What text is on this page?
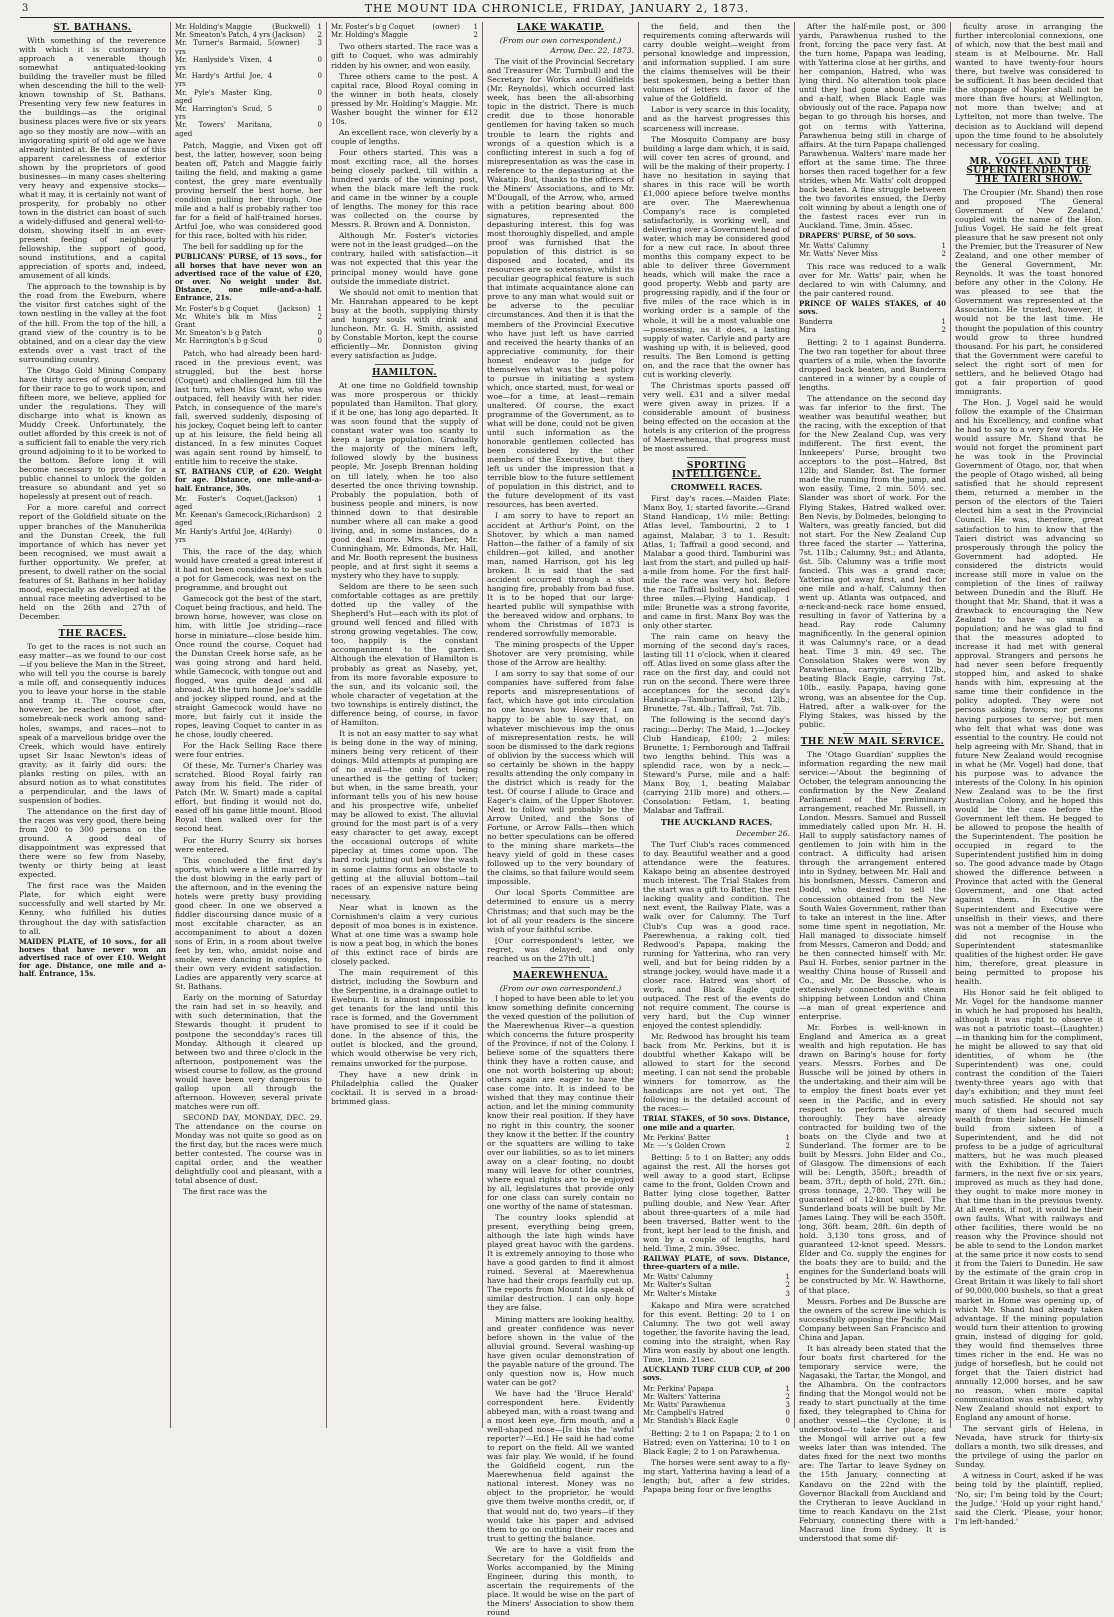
3	THE MOUNT IDA CHRONICLE, FRIDAY, JANUARY 2, 1873.
ST. BATHANS.

With something of the reverence with which it is customary to approach a venerable though somewhat antiquated-looking building the traveller must be filled when descending the hill to the well-known township of St. Bathans. Presenting very few new features in the buildings—as the original business places were five or six years ago so they mostly are now—with an invigorating spirit of old age we have already hinted at. Be the cause of this apparent carelessness of exterior shown by the proprietors of good businesses—in many cases sheltering very heavy and expensive stocks—what it may, it is certainly not want of prosperity, for probably no other town in the district can boast of such a widely-diffused and general well-to-doism, showing itself in an ever-present feeling of neighbourly fellowship, the support of good, sound institutions, and a capital appreciation of sports and, indeed, amusement of all kinds.

The approach to the township is by the road from the Eweburn, where the visitor first catches sight of the town nestling in the valley at the foot of the hill. From the top of the hill, a grand view of the country is to be obtained, and on a clear day the view extends over a vast tract of the surrounding country.

The Otago Gold Mining Company have thirty acres of ground secured for their race to go to work upon, and fifteen more, we believe, applied for under the regulations. They will discharge into what is known as Muddy Creek. Unfortunately, the outlet afforded by this creek is not of a sufficient fall to enable the very rich ground adjoining to it to be worked to the bottom. Before long it will become necessary to provide for a public channel to unlock the golden treasure so abundant and yet so hopelessly at present out of reach.

For a more careful and correct report of the Goldfield situate on the upper branches of the Manuherikia and the Dunstan Creek, the full importance of which has never yet been recognised, we must await a further opportunity. We prefer, at present, to dwell rather on the social features of St. Bathans in her holiday mood, especially as developed at the annual race meeting advertised to be held on the 26th and 27th of December.

THE RACES.

To get to the races is not such an easy matter—as we found to our cost—if you believe the Man in the Street, who will tell you the course is barely a mile off, and consequently induces you to leave your horse in the stable and tramp it. The course can, however, be reached on foot, after somebreak-neck work among sand-holes, swamps, and races—not to speak of a marvellous bridge over the Creek, which would have entirely upset Sir Isaac Newton's ideas of gravity, as it fairly did ours: the planks resting on piles, with an absurd notion as to what constitutes a perpendicular, and the laws of suspension of bodies.

The attendance on the first day of the races was very good, there being from 200 to 300 persons on the ground. A good deal of disappointment was expressed that there were so few from Naseby, twenty or thirty being at least expected.

The first race was the Maiden Plate, for which eight were successfully and well started by Mr. Kenny, who fulfilled his duties throughout the day with satisfaction to all.

MAIDEN PLATE, of 10 sovs., for all horses that have never won an advertised race of over £10. Weight for age. Distance, one mile and a-half. Entrance, 15s.
Mr. Holding's Maggie	(Buckwell)	1
Mr. Smeaton's Patch, 4 yrs	(Jackson)	2
Mr. Turner's Barmaid, 5 yrs	(owner)	3
Mr. Hanlyside's Vixen, 4 yrs		0
Mr. Hardy's Artful Joe, 4 yrs		0
Mr. Pyle's Master King, aged		0
Mr. Harrington's Scud, 5 yrs		0
Mr. Towers' Maritana, aged		0

Patch, Maggie, and Vixen got off best, the latter, however, soon being beaten off, Patch and Maggie fairly tailing the field, and making a game contest, the grey mare eventually proving herself the best horse, her condition pulling her through. One mile and a half is probably rather too far for a field of half-trained horses. Artful Joe, who was considered good for this race, bolted with his rider.

The bell for saddling up for the

PUBLICANS' PURSE, of 15 sovs., for all horses that have never won an advertised race of the value of £20, or over. No weight under 8st. Distance, one mile-and-a-half. Entrance, 21s.
Mr. Foster's b g Coquet	(Jackson)	1
Mr. White's blk m Miss Grant		2
Mr. Smeaton's b g Patch		0
Mr. Harrington's b g Scud		0

Patch, who had already been hard-raced in the previous event, was struggled, but the best horse (Coquet) and challenged him till the last turn, when Miss Grant, who was outpaced, fell heavily with her rider. Patch, in consequence of the mare's fall, swerved suddenly, disposing of his jockey, Coquet being left to canter up at his leisure, the field being all distanced. In a few minutes Coquet was again sent round by himself, to entitle him to receive the stake.

ST. BATHANS CUP, of £20. Weight for age. Distance, one mile-and-a-half. Entrance, 30s.
Mr. Foster's Coquet, aged	(Jackson)	1
Mr. Keenan's Gamecock, aged	(Richardson)	2
Mr. Hardy's Artful Joe, 4 yrs	(Hardy)	0

This, the race of the day, which would have created a great interest if it had not been considered to be such a pot for Gamecock, was next on the programme, and brought out

Gamecock got the best of the start, Coquet being fractious, and held. The brown horse, however, was close on him, with little Joe striding—race horse in miniature—close beside him. Once round the course, Coquet had the Dunstan Creek horse safe, as he was going strong and hard held, while Gamecock, with tongue out and flogged, was quite dead and all abroad. At the turn home Joe's saddle and jockey slipped round, and at the straight Gamecock would have no more, but fairly cut it inside the ropes, leaving Coquet to canter in as he chose, loudly cheered.

For the Hack Selling Race there were four entries.

Of these, Mr. Turner's Charley was scratched. Blood Royal fairly ran away from his field. The rider of Patch (Mr. W. Smart) made a capital effort, but finding it would not do, eased off his game little mount. Blood Royal then walked over for the second heat.

For the Hurry Scurry six horses were entered.

This concluded the first day's sports, which were a little marred by the dust blowing in the early part of the afternoon, and in the evening the hotels were pretty busy providing good cheer. In one we observed a fiddler discoursing dance music of a most excitable character, as an accompaniment to about a dozen sons of Erin, in a room about twelve feet by ten, who, amidst noise and smoke, were dancing in couples, to their own very evident satisfaction. Ladies are apparently very scarce at St. Bathans.

Early on the morning of Saturday the rain had set in so heavily, and with such determination, that the Stewards thought it prudent to postpone the secondday's races till Monday. Although it cleared up between two and three o'clock in the afternoon, postponement was the wisest course to follow, as the ground would have been very dangerous to gallop upon all through the afternoon. However, several private matches were run off.

SECOND DAY, MONDAY, DEC. 29. The attendance on the course on Monday was not quite so good as on the first day, but the races were much better contested. The course was in capital order, and the weather delightfully cool and pleasant, with a total absence of dust.

The first race was the

Mr. Foster's b g Coquet	(owner)	1
Mr. Holding's Maggie		2

Two others started. The race was a gift to Coquet, who was admirably ridden by his owner, and won easily.

Three others came to the post. A capital race, Blood Royal coming in the winner in both heats, closely pressed by Mr. Holding's Maggie. Mr. Washer bought the winner for £12 10s.

An excellent race, won cleverly by a couple of lengths.

Four others started. This was a most exciting race, all the horses being closely packed, till within a hundred yards of the winning post, when the black mare left the ruck and came in the winner by a couple of lengths. The money for this race was collected on the course by Messrs. R. Brown and A. Donniston.

Although Mr. Foster's victories were not in the least grudged—on the contrary, hailed with satisfaction—it was not expected that this year the principal money would have gone outside the immediate district.

We should not omit to mention that Mr. Hanrahan appeared to be kept busy at the booth, supplying thirsty and hungry souls with drink and luncheon. Mr. G. H. Smith, assisted by Constable Morton, kept the course efficiently—Mr. Donniston giving every satisfaction as Judge.

HAMILTON.

At one time no Goldfield township was more prosperous or thickly populated than Hamilton. That glory, if it be one, has long ago departed. It was soon found that the supply of constant water was too scanty to keep a large population. Gradually the majority of the miners left, followed slowly by the business people, Mr. Joseph Brennan holding on till lately, when he too also deserted the once thriving township. Probably the population, both of business people and miners, is now thinned down to that desirable number where all can make a good living, and, in some instances, do a good deal more. Mrs. Barber, Mr. Cunningham, Mr. Edmonds, Mr. Hall, and Mr. Booth represent the business people, and at first sight it seems a mystery who they have to supply.

Seldom are there to be seen such comfortable cottages as are prettily dotted up the valley of the Shepherd's Hut—each with its plot of ground well fenced and filled with strong growing vegetables. The cow, too, happily is the constant accompaniment to the garden. Although the elevation of Hamilton is probably as great as Naseby, yet, from its more favorable exposure to the sun, and its volcanic soil, the whole character of vegetation at the two townships is entirely distinct, the difference being, of course, in favor of Hamilton.

It is not an easy matter to say what is being done in the way of mining, miners being very reticent of their doings. Mild attempts at pumping are of no avail—the only fact being unearthed is the getting of tucker; but when, in the same breath, your informant tells you of his new house and his prospective wife, unbelief may be allowed to exist. The alluvial ground for the most part is of a very easy character to get away, except the occasional outcrops of white pipeclay at times come upon. The hard rock jutting out below the wash in some claims forms an obstacle to getting at the alluvial bottom—tail races of an expensive nature being necessary.

Near what is known as the Cornishmen's claim a very curious deposit of moa bones is in existence. What at one time was a swamp hole is now a peat bog, in which the bones of this extinct race of birds are closely packed.

The main requirement of this district, including the Sowburn and the Serpentine, is a drainage outlet to Eweburn. It is almost impossible to get tenants for the land until this race is formed, and the Government have promised to see if it could be done. In the absence of this, the outlet is blocked, and the ground, which would otherwise be very rich, remains unworked for the purpose.

They have a new drink in Philadelphia called the Quaker cocktail. It is served in a broad-brimmed glass.

LAKE WAKATIP.
(From our own correspondent.)
Arrow, Dec. 22, 1873.

The visit of the Provincial Secretary and Treasurer (Mr. Turnbull) and the Secretary for Works and Goldfields (Mr. Reynolds), which occurred last week, has been the all-absorbing topic in the district. There is much credit due to those honorable gentlemen for having taken so much trouble to learn the rights and wrongs of a question which is a conflicting interest in such a fog of misrepresentation as was the case in reference to the depasturing at the Wakatip. But, thanks to the officers of the Miners' Associations, and to Mr. M'Dougall, of the Arrow, who, armed with a petition bearing about 800 signatures, represented the depasturing interest, this fog was most thoroughly dispelled, and ample proof was furnished that the population of this district is so disposed and located, and its resources are so extensive, whilst its peculiar geographical feature is such that intimate acquaintance alone can prove to any man what would suit or be adverse to the peculiar circumstances. And then it is that the members of the Provincial Executive who have just left us have carried and received the hearty thanks of an appreciative community, for their honest endeavor to judge for themselves what was the best policy to pursue in initiating a system which, once started, must, for weal or woe—for a time, at least—remain unaltered. Of course, the exact programme of the Government, as to what will be done, could not be given until such information as the honorable gentlemen collected has been considered by the other members of the Executive, but they left us under the impression that a terrible blow to the future settlement of population in this district, and to the future development of its vast resources, has been averted.

I am sorry to have to report an accident at Arthur's Point, on the Shotover, by which a man named Hatton—the father of a family of six children—got killed, and another man, named Harrison, got his leg broken. It is said that the sad accident occurred through a shot hanging fire, probably from bad fuse. It is to be hoped that our large-hearted public will sympathise with the bereaved widow and orphans, to whom the Christmas of 1873 is rendered sorrowfully memorable.

The mining prospects of the Upper Shotover are very promising, while those of the Arrow are healthy.

I am sorry to say that some of our companies have suffered from false reports and misrepresentations of fact, which have got into circulation no one knows how. However, I am happy to be able to say that, on whatever mischievous imp the onus of misrepresentation rests, he will soon be dismissed to the dark regions of oblivion by the success which will so certainly be shown in the happy results attending the only company in the district which is ready for the test. Of course I allude to Grace and Eager's claim, of the Upper Shotover. Next to follow will probably be the Arrow United, and the Sons of Fortune, or Arrow Falls—then which no better speculations can be offered to the mining share markets—the heavy yield of gold in these cases followed up to the very boundary of the claims, so that failure would seem impossible.

Our local Sports Committee are determined to ensure us a merry Christmas; and that such may be the lot of all your readers is the sincere wish of your faithful scribe.

[Our correspondent's letter, we regret, was delayed, and only reached us on the 27th ult.]

MAEREWHENUA.
(From our own correspondent.)

I hoped to have been able to let you know something definite concerning the vexed question of the pollution of the Maerewhenua River—a question which concerns the future prosperity of the Province, if not of the Colony. I believe some of the squatters there think they have a rotten cause, and one not worth bolstering up about; others again are eager to have the case come into. It is indeed to be wished that they may continue their action, and let the mining community know their real position. If they have no right in this country, the sooner they know it the better. If the country or the squatters are willing to take over our liabilities, so as to let miners away on a clear footing, no doubt many will leave for other countries, where equal rights are to be enjoyed by all, legislatures that provide only for one class can surely contain no one worthy of the name of statesman.

The country looks splendid at present, everything being green, although the late high winds have played great havoc with the gardens. It is extremely annoying to those who have a good garden to find it almost ruined. Several at Maerewhenua have had their crops fearfully cut up. The reports from Mount Ida speak of similar destruction. I can only hope they are false.

Mining matters are looking healthy, and greater confidence was never before shown in the value of the alluvial ground. Several washing-up have given ocular demonstration of the payable nature of the ground. The only question now is, How much water can be got?

We have had the 'Bruce Herald' correspondent here. Evidently abbeyed man, with a roast twang and a most keen eye, firm mouth, and a well-shaped nose—[Is this the 'awful reporter?'—Ed.] He said he had come to report on the field. All we wanted was fair play. We would, if he found the Goldfield cogent, run the Maerewhenua field against the national interest. Money was no object to the proprietor, he would give them twelve months credit, or, if that would not do, two years—if they would take his paper and advised them to go on cutting their races and trust to getting the balance.

We are to have a visit from the Secretary for the Goldfields and Works accompanied by the Mining Engineer, during this month, to ascertain the requirements of the place. It would be wise on the part of the Miners' Association to show them round

the field, and then the requirements coming afterwards will carry double weight—weight from personal knowledge and impression, and information supplied. I am sure the claims themselves will be their best spokesmen, being a better than volumes of letters in favor of the value of the Goldfield.

Labor is very scarce in this locality, and as the harvest progresses this scarceness will increase.

The Mosquito Company are busy building a large dam which, it is said, will cover ten acres of ground, and will be the making of their property. I have no hesitation in saying that shares in this race will be worth £1,000 apiece before twelve months are over. The Maerewhenua Company's race is completed satisfactorily, is working well, and delivering over a Government head of water, which may be considered good for a new cut race. In about three months this company expect to be able to deliver three Government heads, which will make the race a good property. Webb and party are progressing rapidly, and if the four or five miles of the race which is in working order is a sample of the whole, it will be a most valuable one—possessing, as it does, a lasting supply of water. Carlyle and party are washing up with, it is believed, good results. The Ben Lomond is getting on, and the race that the owner has cut is working cleverly.

The Christmas sports passed off very well. £31 and a silver medal were given away in prizes. If a considerable amount of business being effected on the occasion at the hotels is any criterion of the progress of Maerewhenua, that progress must be most assured.

SPORTING INTELLIGENCE.
CROMWELL RACES.

First day's races.—Maiden Plate: Manx Boy, 1; started favorite.—Grand Stand Handicap, 1½ mile: Betting: Atlas level, Tambourini, 2 to 1 against, Malabar, 3 to 1. Result: Atlas, 1; Taffrail a good second, and Malabar a good third. Tamburini was last from the start, and pulled up half-a-mile from home. For the first half-mile the race was very hot. Before the race Taffrail bolted, and galloped three miles.—Flying Handicap, 1 mile: Brunette was a strong favorite, and came in first. Manx Boy was the only other starter.

The rain came on heavy the morning of the second day's races, lasting till 11 o'clock, when it cleared off. Atlas lived on some glass after the race on the first day, and could not run on the second. There were three acceptances for the second day's Handicap—Tamburini, 9st. 12lb.; Brunette, 7st. 4lb.; Taffrail, 7st. 7lb.

The following is the second day's racing:—Derby: The Maid, 1.—Jockey Club Handicap, £100; 2 miles: Brunette, 1; Fernborough and Taffrail two lengths behind. This was a splendid race, won by a neck.—Steward's Purse, mile and a half: Manx Boy, 1, beating Malabar (carrying 21lb more) and others.—Consolation: Fetlam, 1, beating Malabar and Taffrail.

THE AUCKLAND RACES.
December 26.

The Turf Club's races commenced to day. Beautiful weather and a good attendance were the features. Kakapo being an absentee destroyed much interest. The Trial Stakes from the start was a gift to Batter, the rest lacking quality and condition. The next event, the Railway Plate, was a walk over for Calumny. The Turf Club's Cup was a good race. Paerewhenua, a raking colt, tied Redwood's Papapa, making the running for Yatterina, who ran very well, and but for being ridden by a strange jockey, would have made it a closer race. Hatred was short of work, and Black Eagle quite outpaced. The rest of the events do not require comment. The course is very hard, but the Cup winner enjoyed the contest splendidly.

Mr. Redwood has brought his team back from Mr. Perkins, but it is doubtful whether Kakapo will be allowed to start for the second meeting. I can not send the probable winners for tomorrow, as the handicaps are not yet out. The following is the detailed account of the races:—

TRIAL STAKES, of 50 sovs. Distance, one mile and a quarter.
Mr. Perkins' Batter		1
Mr. ----'s Golden Crown		2

Betting: 5 to 1 on Batter; any odds against the rest. All the horses got well away to a good start, Eclipse came to the front, Golden Crown and Batter lying close together, Batter pulling double, and New Year. After about three-quarters of a mile had been traversed, Batter went to the front, kept her lead to the finish, and won by a couple of lengths, hard held. Time, 2 min. 39sec.

RAILWAY PLATE, of sovs. Distance, three-quarters of a mile.
Mr. Watts' Calumny		1
Mr. Walter's Sultan		2
Mr. Walter's Mistake		3

Kakapo and Mira were scratched for this event. Betting: 20 to 1 on Calumny. The two got well away together, the favorite having the lead, coming into the straight, when Ray Mira won easily by about one length. Time, 1min. 21sec.

AUCKLAND TURF CLUB CUP, of 200 sovs.
Mr. Perkins' Papapa		1
Mr. Walters' Yatterina		2
Mr. Watts' Parawhenua		3
Mr. Campbell's Hatred		0
Mr. Standish's Black Eagle		0

Betting: 2 to 1 on Papapa; 2 to 1 on Hatred; even on Yatterina; 10 to 1 on Black Eagle; 2 to 1 on Parawhenua.

The horses were sent away to a fly-ing start, Yatterina having a lead of a length; but, after a few strides, Papapa being four or five lengths

After the half-mile post, or 300 yards, Parawhenua rushed to the front, forcing the pace very fast. At the turn home, Papapa was leading, with Yatterina close at her girths, and her companion, Hatred, who was lying third. No alteration took place until they had gone about one mile and a-half, when Black Eagle was obviously out of the race. Papapa now began to go through his horses, and got on terms with Yatterina, Parawhenua being still in charge of affairs. At the turn Papapa challenged Parawhenua. Walters' mare made her effort at the same time. The three horses then raced together for a few strides, when Mr. Watts' colt dropped back beaten. A fine struggle between the two favorites ensued, the Derby colt winning by about a length one of the fastest races ever run in Auckland. Time, 3min. 45sec.

DRAPERS' PURSE, of 50 sovs.
Mr. Watts' Calumny		1
Mr. Watts' Never Miss		2

This race was reduced to a walk over for Mr. Watts' pair, when he declared to win with Calumny, and the pair cantered round.

PRINCE OF WALES STAKES, of 40 sovs.
Bunderra		1
Mira		2

Betting: 2 to 1 against Bunderra. The two ran together for about three quarters of a mile, when the favorite dropped back beaten, and Bunderra cantered in a winner by a couple of lengths.

The attendance on the second day was far inferior to the first. The weather was beautiful weather, but the racing, with the exception of that for the New Zealand Cup, was very indifferent. The first event, the Innkeepers' Purse, brought two acceptors to the post—Hatred, 8st 12lb; and Slander, 8st. The former made the running from the jump, and won easily. Time, 2 min. 50½ sec. Slander was short of work. For the Flying Stakes, Hatred walked over. Ben Nevis, by Dolmedes, belonging to Walters, was greatly fancied, but did not start. For the New Zealand Cup three faced the starter — Yatterina, 7st. 11lb.; Calumny, 9st.; and Atlanta, 6st. 5lb. Calumny was a trifle most fancied. This was a grand race; Yatterina got away first, and led for one mile and a-half. Calumny then went up. Atlanta was outpaced, and a-neck-and-neck race home ensued, resulting in favor of Yatterina by a head. Ray rode Calumny magnificently. In the general opinion it was Calumny's race, or a dead heat. Time 3 min. 49 sec. The Consolation Stakes were won by Parawhenua, carrying 8st. 12lb., beating Black Eagle, carrying 7st. 10lb., easily. Papapa, having gone wrong, was an absentee for the Cup. Hatred, after a walk-over for the Flying Stakes, was hissed by the public.

THE NEW MAIL SERVICE.

The 'Otago Guardian' supplies the information regarding the new mail service:—'About the beginning of October, the telegram announcing the confirmation by the New Zealand Parliament of the preliminary arrangement, reached Mr. Russell, in London. Messrs. Samuel and Russell immediately called upon Mr. H. H. Hall to supply satisfactory names of gentlemen to join with him in the contract. A difficulty had arisen through the arrangement entered into in Sydney, between Mr. Hall and his bondsmen, Messrs. Cameron and Dodd, who desired to sell the concession obtained from the New South Wales Government, rather than to take an interest in the line. After some time spent in negotiation, Mr. Hall managed to dissociate himself from Messrs. Cameron and Dodd; and he then connected himself with Mr. Paul H. Forbes, senior partner in the wealthy China house of Russell and Co., and Mr. De Bussche, who is extensively connected with steam shipping between London and China—a man of great experience and enterprise.

Mr. Forbes is well-known in England and America as a great wealth and high reputation. He has drawn on Baring's house for forty years. Messrs. Forbes and De Bussche will be joined by others in the undertaking, and their aim will be to employ the finest boats ever yet seen in the Pacific, and in every respect to perform the service thoroughly. They have already contracted for building two of the boats on the Clyde and two at Sunderland. The former are to be built by Messrs. John Elder and Co., of Glasgow. The dimensions of each will be: Length, 350ft.; breadth of beam, 37ft.; depth of hold, 27ft. 6in.; gross tonnage, 2,780. They will be guaranteed of 12-knot speed. The Sunderland boats will be built by Mr. James Laing. They will be each 350ft. long, 36ft. beam, 28ft. 6in depth of hold. 3,130 tons gross, and of guaranteed 12-knot speed. Messrs. Elder and Co. supply the engines for the boats they are to build; and the engines for the Sunderland boats will be constructed by Mr. W. Hawthorne, of that place.

Messrs. Forbes and De Bussche are the owners of the screw line which is successfully opposing the Pacific Mail Company between San Francisco and China and Japan.

It has already been stated that the four boats first chartered for the temporary service were, the Nagasaki, the Tartar, the Mongol, and the Alhambra. On the contractors finding that the Mongol would not be ready to start punctually at the time fixed, they telegraphed to China for another vessel—the Cyclone; it is understood—to take her place; and the Mongol will arrive out a few weeks later than was intended. The dates fixed for the next two months are: The Tartar to leave Sydney on the 15th January, connecting at Kandavu on the 22nd with the Governor Blackall from Auckland and the Crytheran to leave Auckland in time to reach Kandavu on the 21st February, connecting there with a Macraud line from Sydney. It is understood that some dif-

ficulty arose in arranging the further intercolonial connexions, one of which, now that the best mail and steam is at Melbourne. Mr. Hall wanted to have twenty-four hours there, but twelve was considered to be sufficient. It has been decided that the stoppage of Napier shall not be more than five hours; at Wellington, not more than twelve; and at Lyttelton, not more than twelve. The decision as to Auckland will depend upon the time found to be absolutely necessary for coaling.

MR. VOGEL AND THE SUPERINTENDENT OF THE TAIERI SHOW.

The Croupier (Mr. Shand) then rose and proposed 'The General Government of New Zealand,' coupled with the name of the Hon. Julius Vogel. He said he felt great pleasure that he saw present not only the Premier, but the Treasurer of New Zealand, and one other member of the General Government, Mr. Reynolds. It was the toast honored before any other in the Colony. He was pleased to see that the Government was represented at the Association. He trusted, however, it would not be the last time. He thought the population of this country would grow to three hundred thousand. For his part, he considered that the Government were careful to select the right sort of men for settlers, and he believed Otago had got a fair proportion of good immigrants.

The Hon. J. Vogel said he would follow the example of the Chairman and his Excellency, and confine what he had to say to a very few words. He would assure Mr. Shand that he would not forget the prominent part he was took in the Provincial Government of Otago, nor, that when the people of Otago wished, all being satisfied that he should represent them, returned a member in the person of the electors of the Taieri elected him a seat in the Provincial Council. He was, therefore, great satisfaction to him to know that the Taieri district was advancing so prosperously through the policy the Government had adopted. He considered the districts would increase still more in value on the completion of the lines of railway between Dunedin and the Bluff. He thought that Mr. Shand, that it was a drawback to encouraging the New Zealand to have so small a population; and he was glad to find that the measures adopted to increase it had met with general approval. Strangers and persons he had never seen before frequently stopped him, and asked to shake hands with him, expressing at the same time their confidence in the policy adopted. They were not persons asking favors; nor persons having purposes to serve; but men who felt that what was done was essential to the country. He could not help agreeing with Mr. Shand, that in future New Zealand would recognise in what he (Mr. Vogel) had done, that his purpose was to advance the interests of the Colony. In his opinion New Zealand was to be the first Australian Colony, and he hoped this would be the case before the Government left them. He begged to be allowed to propose the health of the Superintendent. The position he occupied in regard to the Superintendent justified him in doing so. The good advance made by Otago showed the difference between a Province that acted with the General Government, and one that acted against them. In Otago the Superintendent and Executive were unselfish in their views, and there was not a member of the House who did not recognise in the Superintendent statesmanlike qualities of the highest order. He gave him, therefore, great pleasure in being permitted to propose his health.

His Honor said he felt obliged to Mr. Vogel for the handsome manner in which he had proposed his health, although it was right to observe it was not a patriotic toast—(Laughter.)—in thanking him for the compliment, he might be allowed to say that old identities, of whom he (the Superintendent) was one, could contrast the condition of the Taieri twenty-three years ago with that day's exhibition; and they must feel much satisfied. He should not say many of them had secured much wealth from their labors. He himself build from sixteen of a Superintendent, and he did not profess to be a judge of agricultural matters, but he was much pleased with the Exhibition. If the Taieri farmers, in the next five or six years, improved as much as they had done, they ought to make more money in that time than in the previous twenty. At all events, if not, it would be their own faults. What with railways and other facilities, there would be no reason why the Province should not be able to send to the London market at the same price it now costs to send it from the Taieri to Dunedin. He saw by the estimate of the grain crop in Great Britain it was likely to fall short of 90,000,000 bushels, so that a great market in Home was opening up, of which Mr. Shand had already taken advantage. If the mining population would turn their attention to growing grain, instead of digging for gold, they would find themselves three times richer in the end. He was no judge of horseflesh, but he could not forget that the Taieri district had annually 12,000 horses, and he saw no reason, when more capital communication was established, why New Zealand should not export to England any amount of horse.

The servant girls of Helena, in Nevada, have struck for thirty-six dollars a month, two silk dresses, and the privilege of using the parlor on Sunday.

A witness in Court, asked if he was being told by the plaintiff, replied, 'No, sir; I'm being told by the Court; the Judge.' 'Hold up your right hand,' said the Clerk. 'Please, your honor, I'm left-handed.'
